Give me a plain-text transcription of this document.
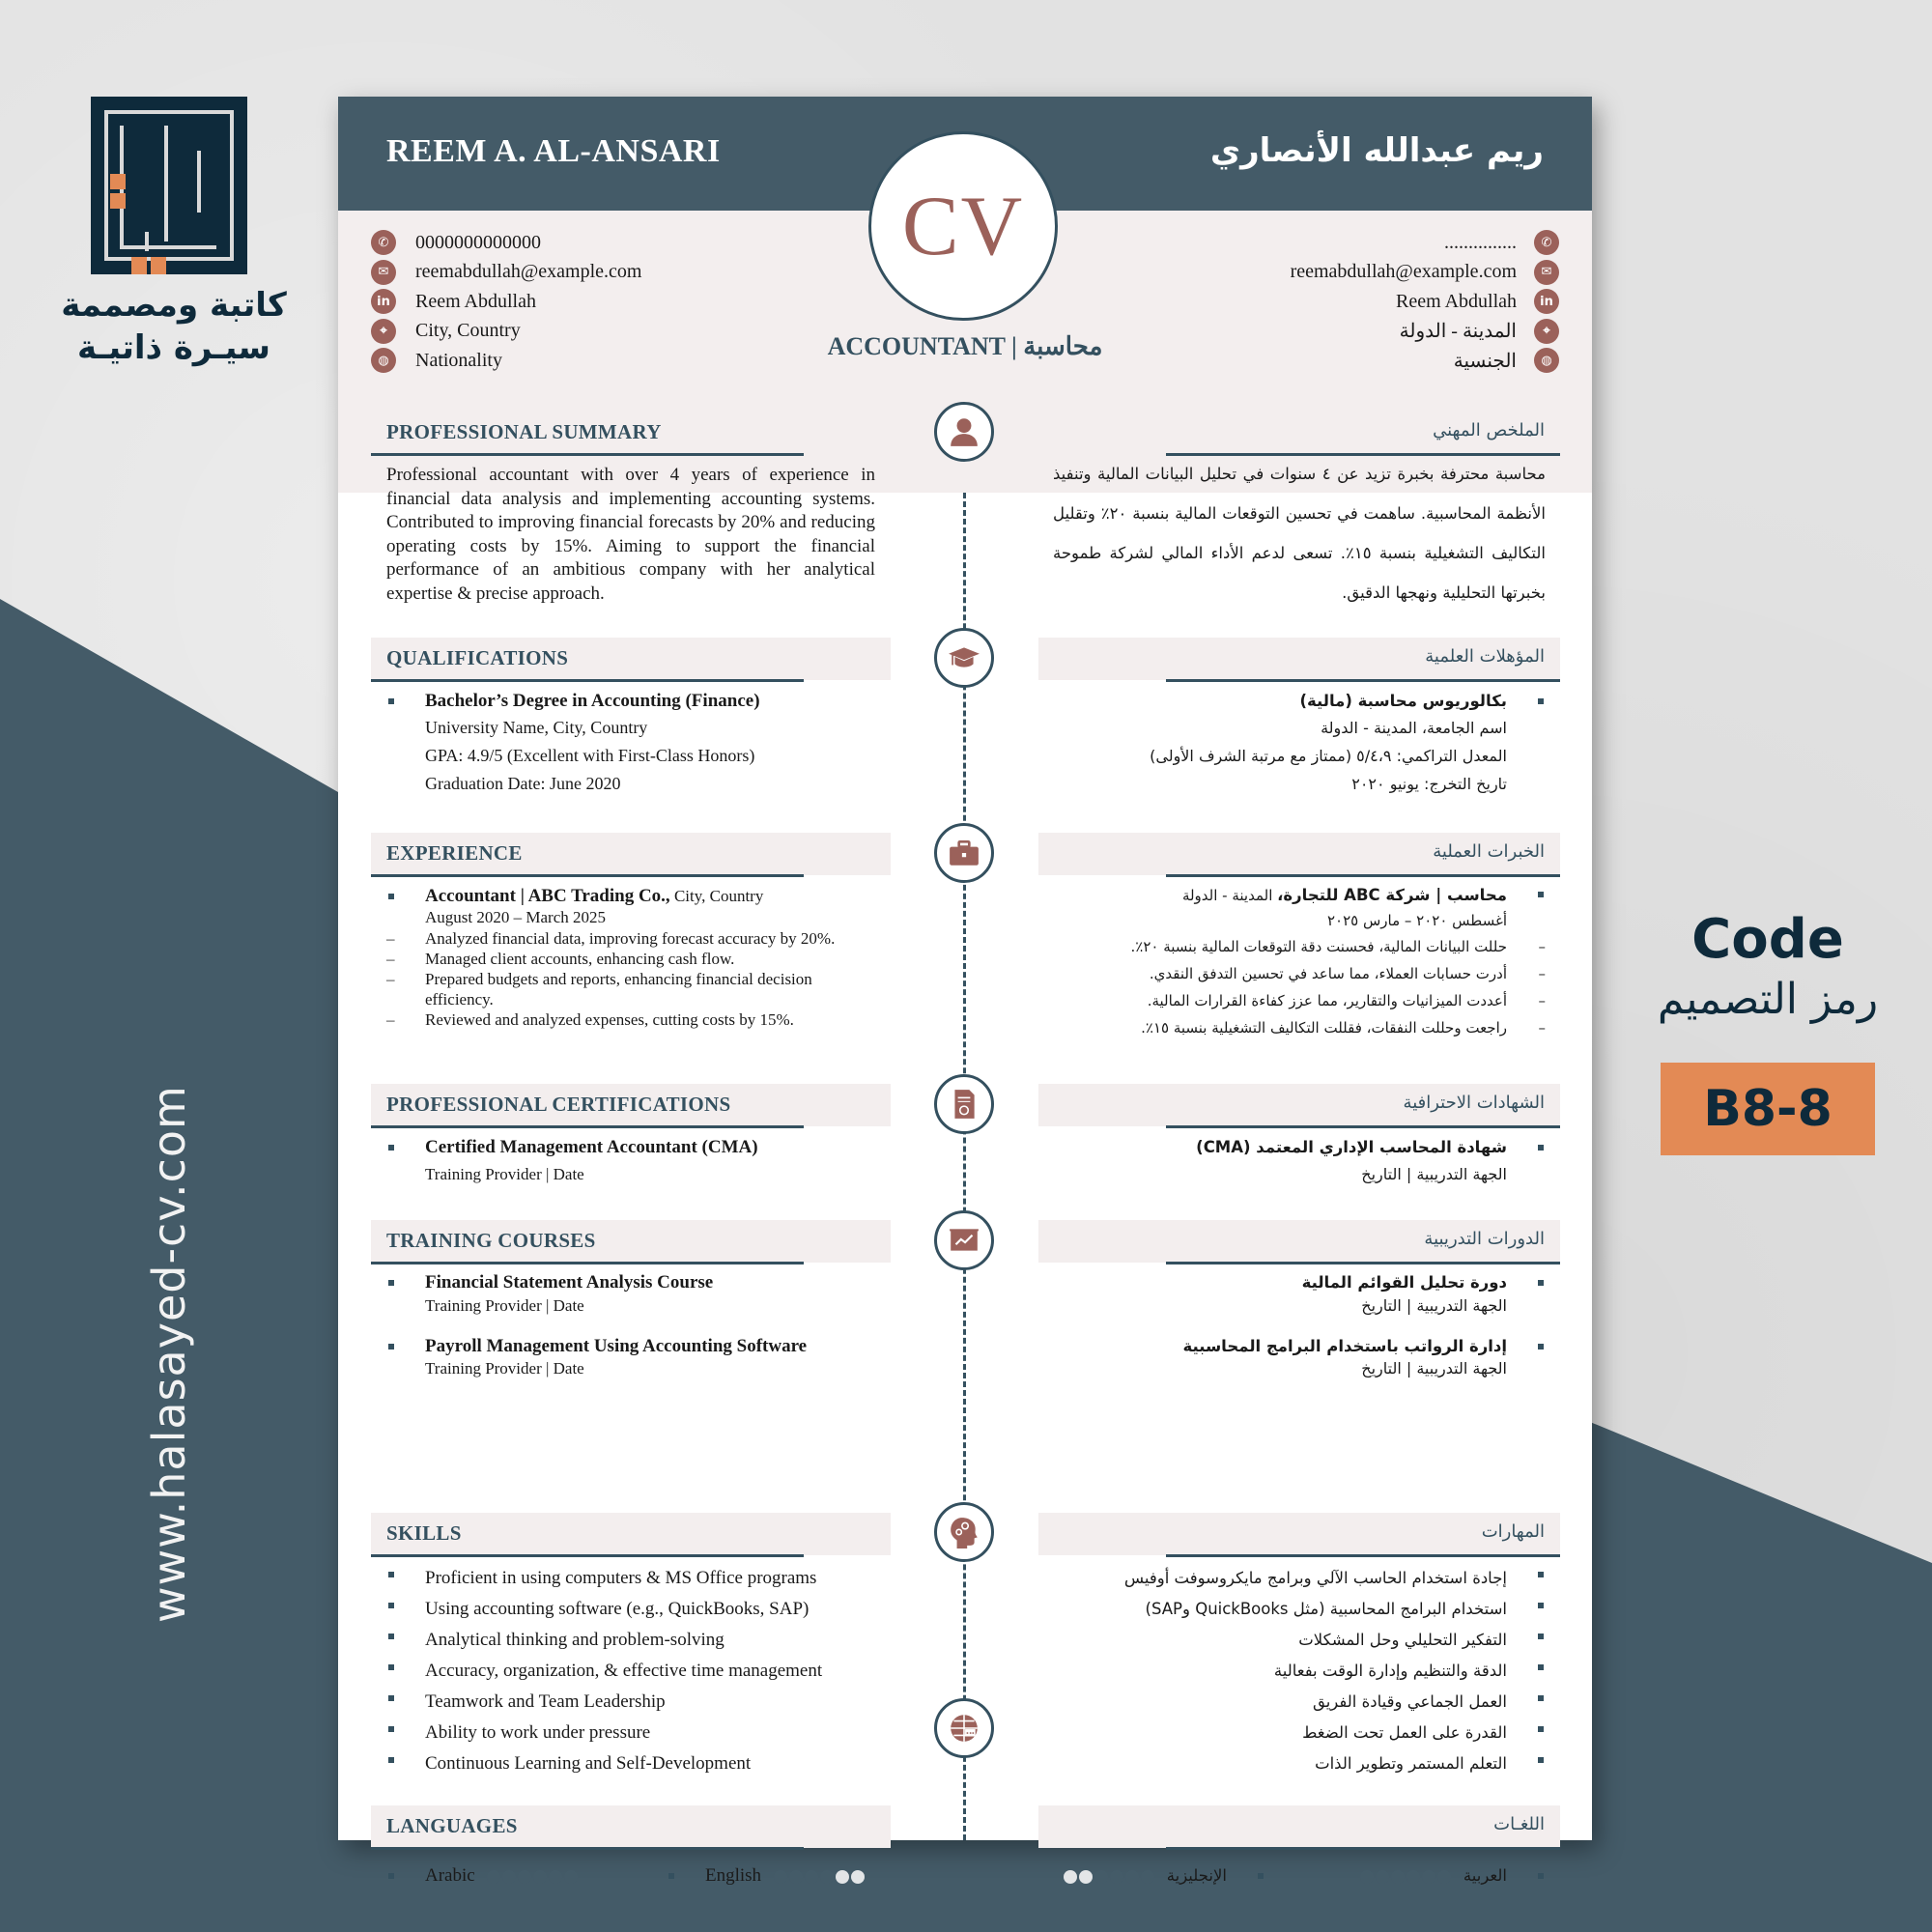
كاتبة ومصممة
سيـرة ذاتيـة
www.halasayed-cv.com
Code
رمز التصميم
B8-8
REEM A. AL-ANSARI	ريم عبدالله الأنصاري
CV
ACCOUNTANT | محاسبة
✆	0000000000000
✉	reemabdullah@example.com
in	Reem Abdullah
⌖	City, Country
◍	Nationality
✆
...............
✉
reemabdullah@example.com
in
Reem Abdullah
⌖
المدينة - الدولة
◍
الجنسية
PROFESSIONAL SUMMARY	الملخص المهني
Professional accountant with over 4 years of experience in financial data analysis and implementing accounting systems. Contributed to improving financial forecasts by 20% and reducing operating costs by 15%. Aiming to support the financial performance of an ambitious company with her analytical expertise & precise approach.
محاسبة محترفة بخبرة تزيد عن ٤ سنوات في تحليل البيانات المالية وتنفيذ الأنظمة المحاسبية. ساهمت في تحسين التوقعات المالية بنسبة ٢٠٪ وتقليل التكاليف التشغيلية بنسبة ١٥٪. تسعى لدعم الأداء المالي لشركة طموحة بخبرتها التحليلية ونهجها الدقيق.
QUALIFICATIONS	المؤهلات العلمية
Bachelor’s Degree in Accounting (Finance)
University Name, City, Country
GPA: 4.9/5 (Excellent with First-Class Honors)
Graduation Date: June 2020
بكالوريوس محاسبة (مالية)
اسم الجامعة، المدينة - الدولة
المعدل التراكمي: ٥/٤،٩ (ممتاز مع مرتبة الشرف الأولى)
تاريخ التخرج: يونيو ٢٠٢٠
EXPERIENCE	الخبرات العملية
Accountant | ABC Trading Co., City, Country
August 2020 – March 2025
– Analyzed financial data, improving forecast accuracy by 20%.
– Managed client accounts, enhancing cash flow.
– Prepared budgets and reports, enhancing financial decision efficiency.
– Reviewed and analyzed expenses, cutting costs by 15%.
محاسب | شركة ABC للتجارة، المدينة - الدولة
أغسطس ٢٠٢٠ – مارس ٢٠٢٥
– حللت البيانات المالية، فحسنت دقة التوقعات المالية بنسبة ٢٠٪.
– أدرت حسابات العملاء، مما ساعد في تحسين التدفق النقدي.
– أعددت الميزانيات والتقارير، مما عزز كفاءة القرارات المالية.
– راجعت وحللت النفقات، فقللت التكاليف التشغيلية بنسبة ١٥٪.
PROFESSIONAL CERTIFICATIONS	الشهادات الاحترافية
Certified Management Accountant (CMA)
Training Provider | Date
شهادة المحاسب الإداري المعتمد (CMA)
الجهة التدريبية | التاريخ
TRAINING COURSES	الدورات التدريبية
Financial Statement Analysis Course
Training Provider | Date
Payroll Management Using Accounting Software
Training Provider | Date
دورة تحليل القوائم المالية
الجهة التدريبية | التاريخ
إدارة الرواتب باستخدام البرامج المحاسبية
الجهة التدريبية | التاريخ
SKILLS	المهارات
Proficient in using computers & MS Office programs
Using accounting software (e.g., QuickBooks, SAP)
Analytical thinking and problem-solving
Accuracy, organization, & effective time management
Teamwork and Team Leadership
Ability to work under pressure
Continuous Learning and Self-Development
إجادة استخدام الحاسب الآلي وبرامج مايكروسوفت أوفيس
استخدام البرامج المحاسبية (مثل QuickBooks وSAP)
التفكير التحليلي وحل المشكلات
الدقة والتنظيم وإدارة الوقت بفعالية
العمل الجماعي وقيادة الفريق
القدرة على العمل تحت الضغط
التعلم المستمر وتطوير الذات
LANGUAGES	اللغـات
Arabic	English	العربية
الإنجليزية
